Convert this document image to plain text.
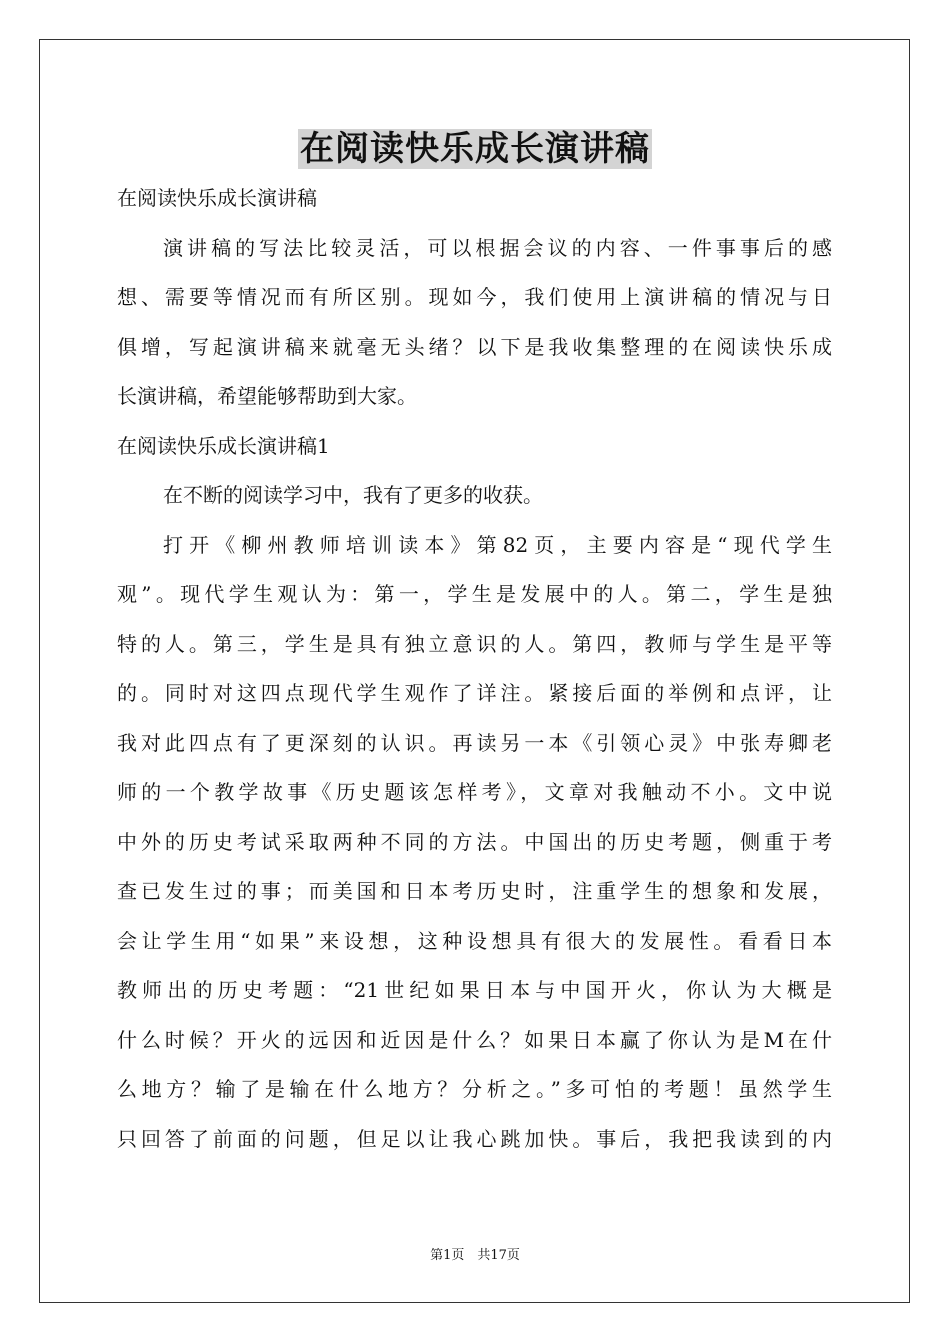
在阅读快乐成长演讲稿

在阅读快乐成长演讲稿

演讲稿的写法比较灵活，可以根据会议的内容、一件事事后的感

想、需要等情况而有所区别。现如今，我们使用上演讲稿的情况与日

俱增，写起演讲稿来就毫无头绪？以下是我收集整理的在阅读快乐成

长演讲稿，希望能够帮助到大家。

在阅读快乐成长演讲稿1

在不断的阅读学习中，我有了更多的收获。

打开《柳州教师培训读本》第82页，主要内容是“现代学生

观”。现代学生观认为：第一，学生是发展中的人。第二，学生是独

特的人。第三，学生是具有独立意识的人。第四，教师与学生是平等

的。同时对这四点现代学生观作了详注。紧接后面的举例和点评，让

我对此四点有了更深刻的认识。再读另一本《引领心灵》中张寿卿老

师的一个教学故事《历史题该怎样考》，文章对我触动不小。文中说

中外的历史考试采取两种不同的方法。中国出的历史考题，侧重于考

查已发生过的事；而美国和日本考历史时，注重学生的想象和发展，

会让学生用“如果”来设想，这种设想具有很大的发展性。看看日本

教师出的历史考题：“21世纪如果日本与中国开火，你认为大概是

什么时候？开火的远因和近因是什么？如果日本赢了你认为是M在什

么地方？输了是输在什么地方？分析之。”多可怕的考题！虽然学生

只回答了前面的问题，但足以让我心跳加快。事后，我把我读到的内

第1页　共17页
